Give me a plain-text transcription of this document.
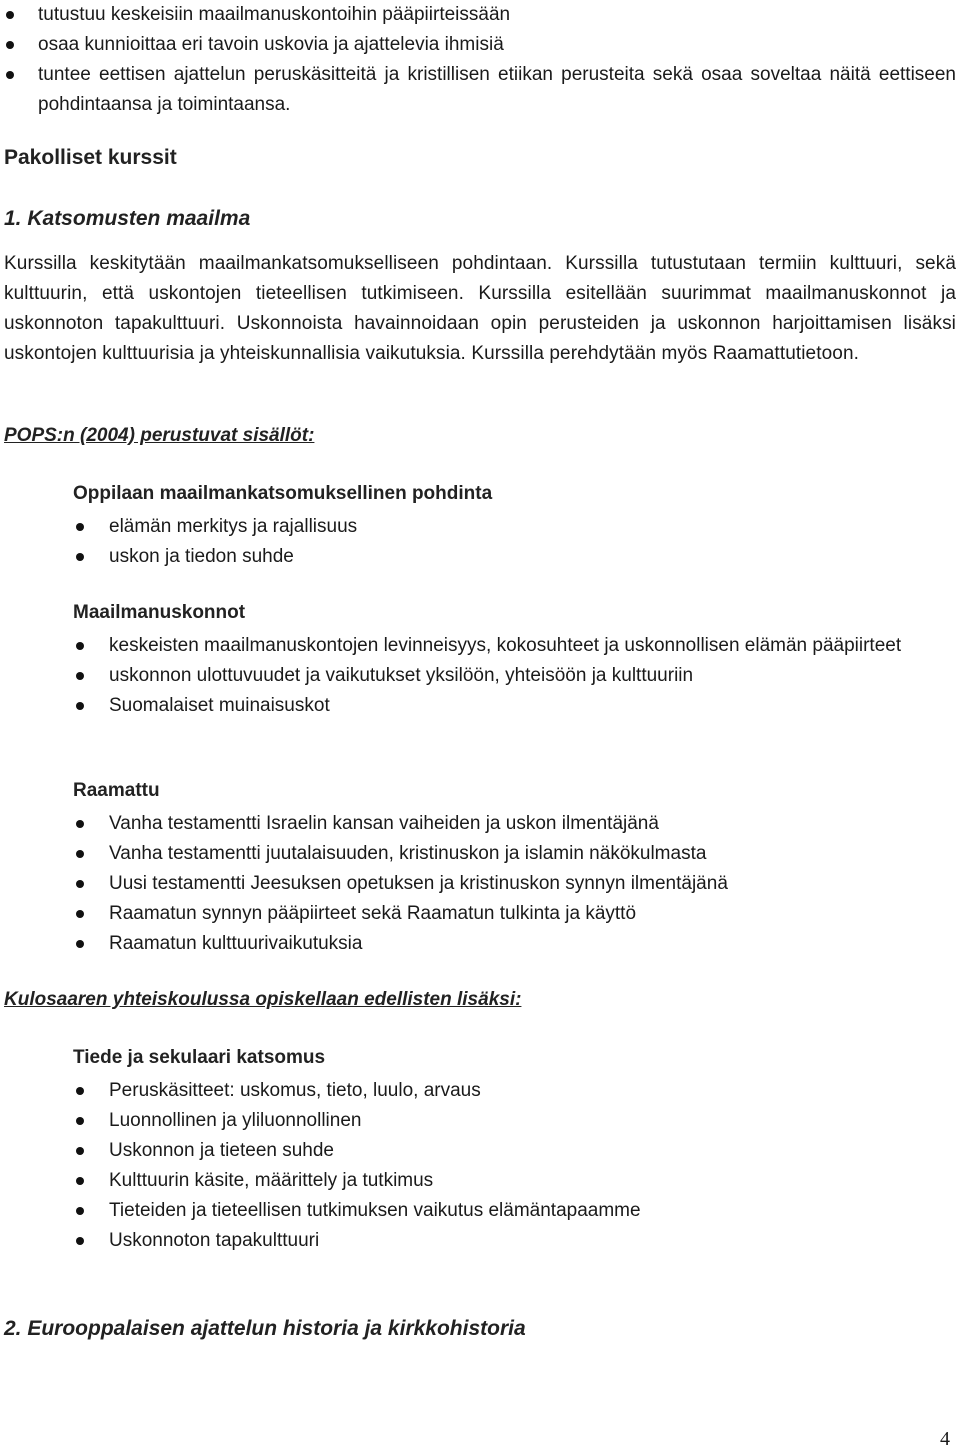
tutustuu keskeisiin maailmanuskontoihin pääpiirteissään
osaa kunnioittaa eri tavoin uskovia ja ajattelevia ihmisiä
tuntee eettisen ajattelun peruskäsitteitä ja kristillisen etiikan perusteita sekä osaa soveltaa näitä eettiseen pohdintaansa ja toimintaansa.
Pakolliset kurssit
1. Katsomusten maailma
Kurssilla keskitytään maailmankatsomukselliseen pohdintaan. Kurssilla tutustutaan termiin kulttuuri, sekä kulttuurin, että uskontojen tieteellisen tutkimiseen. Kurssilla esitellään suurimmat maailmanuskonnot ja uskonnoton tapakulttuuri. Uskonnoista havainnoidaan opin perusteiden ja uskonnon harjoittamisen lisäksi uskontojen kulttuurisia ja yhteiskunnallisia vaikutuksia. Kurssilla perehdytään myös Raamattutietoon.
POPS:n (2004) perustuvat sisällöt:
Oppilaan maailmankatsomuksellinen pohdinta
elämän merkitys ja rajallisuus
uskon ja tiedon suhde
Maailmanuskonnot
keskeisten maailmanuskontojen levinneisyys, kokosuhteet ja uskonnollisen elämän pääpiirteet
uskonnon ulottuvuudet ja vaikutukset yksilöön, yhteisöön ja kulttuuriin
Suomalaiset muinaisuskot
Raamattu
Vanha testamentti Israelin kansan vaiheiden ja uskon ilmentäjänä
Vanha testamentti juutalaisuuden, kristinuskon ja islamin näkökulmasta
Uusi testamentti Jeesuksen opetuksen ja kristinuskon synnyn ilmentäjänä
Raamatun synnyn pääpiirteet sekä Raamatun tulkinta ja käyttö
Raamatun kulttuurivaikutuksia
Kulosaaren yhteiskoulussa opiskellaan edellisten lisäksi:
Tiede ja sekulaari katsomus
Peruskäsitteet: uskomus, tieto, luulo, arvaus
Luonnollinen ja yliluonnollinen
Uskonnon ja tieteen suhde
Kulttuurin käsite, määrittely ja tutkimus
Tieteiden ja tieteellisen tutkimuksen vaikutus elämäntapaamme
Uskonnoton tapakulttuuri
2. Eurooppalaisen ajattelun historia ja kirkkohistoria
4
